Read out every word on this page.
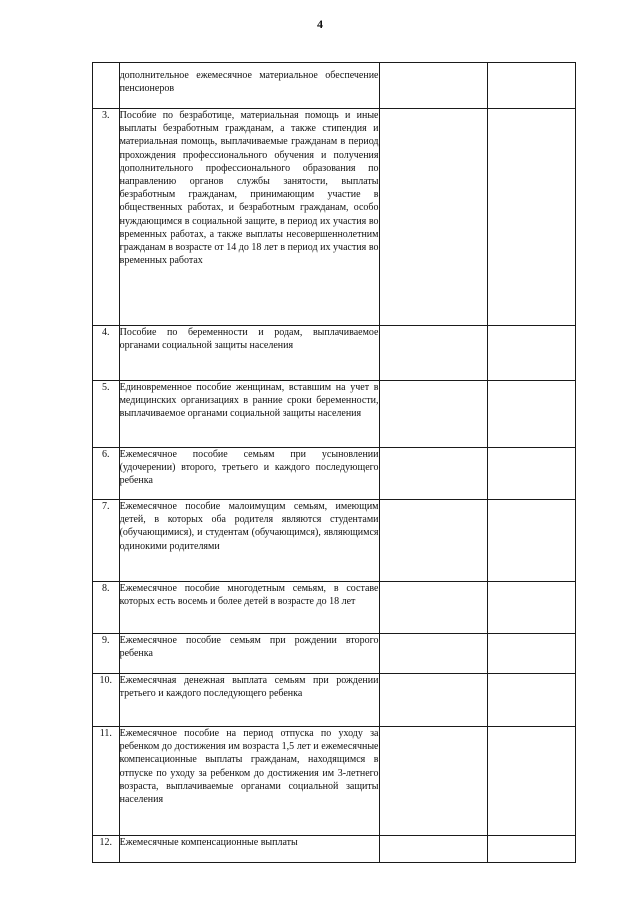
4
	дополнительное ежемесячное материальное обеспечение пенсионеров		
3.	Пособие по безработице, материальная помощь и иные выплаты безработным гражданам, а также стипендия и материальная помощь, выплачиваемые гражданам в период прохождения профессионального обучения и получения дополнительного профессионального образования по направлению органов службы занятости, выплаты безработным гражданам, принимающим участие в общественных работах, и безработным гражданам, особо нуждающимся в социальной защите, в период их участия во временных работах, а также выплаты несовершеннолетним гражданам в возрасте от 14 до 18 лет в период их участия во временных работах		
4.	Пособие по беременности и родам, выплачиваемое органами социальной защиты населения		
5.	Единовременное пособие женщинам, вставшим на учет в медицинских организациях в ранние сроки беременности, выплачиваемое органами социальной защиты населения		
6.	Ежемесячное пособие семьям при усыновлении (удочерении) второго, третьего и каждого последующего ребенка		
7.	Ежемесячное пособие малоимущим семьям, имеющим детей, в которых оба родителя являются студентами (обучающимися), и студентам (обучающимся), являющимся одинокими родителями		
8.	Ежемесячное пособие многодетным семьям, в составе которых есть восемь и более детей в возрасте до 18 лет		
9.	Ежемесячное пособие семьям при рождении второго ребенка		
10.	Ежемесячная денежная выплата семьям при рождении третьего и каждого последующего ребенка		
11.	Ежемесячное пособие на период отпуска по уходу за ребенком до достижения им возраста 1,5 лет и ежемесячные компенсационные выплаты гражданам, находящимся в отпуске по уходу за ребенком до достижения им 3-летнего возраста, выплачиваемые органами социальной защиты населения		
12.	Ежемесячные компенсационные выплаты		
